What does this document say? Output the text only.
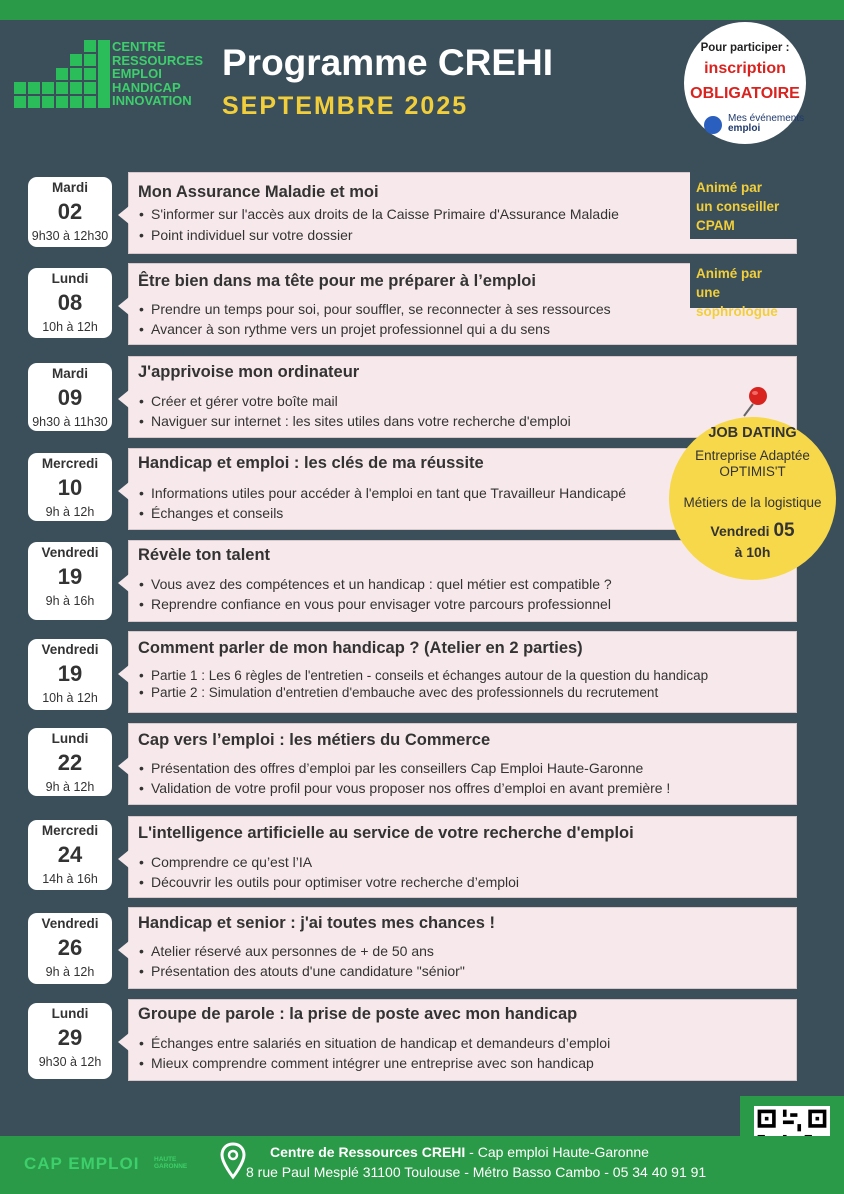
CENTRE
RESSOURCES
EMPLOI
HANDICAP
INNOVATION
Programme CREHI
SEPTEMBRE 2025
Pour participer :
inscription
OBLIGATOIRE
Mes événements
emploi
Mon Assurance Maladie et moi
• S'informer sur l'accès aux droits de la Caisse Primaire d'Assurance Maladie
• Point individuel sur votre dossier
Mardi
02
9h30 à 12h30
Être bien dans ma tête pour me préparer à l’emploi
• Prendre un temps pour soi, pour souffler, se reconnecter à ses ressources
• Avancer à son rythme vers un projet professionnel qui a du sens
Lundi
08
10h à 12h
J'apprivoise mon ordinateur
• Créer et gérer votre boîte mail
• Naviguer sur internet : les sites utiles dans votre recherche d'emploi
Mardi
09
9h30 à 11h30
Handicap et emploi : les clés de ma réussite
• Informations utiles pour accéder à l'emploi en tant que Travailleur Handicapé
• Échanges et conseils
Mercredi
10
9h à 12h
Révèle ton talent
• Vous avez des compétences et un handicap : quel métier est compatible ?
• Reprendre confiance en vous pour envisager votre parcours professionnel
Vendredi
19
9h à 16h
Comment parler de mon handicap ? (Atelier en 2 parties)
• Partie 1 : Les 6 règles de l'entretien - conseils et échanges autour de la question du handicap
• Partie 2 : Simulation d'entretien d'embauche avec des professionnels du recrutement
Vendredi
19
10h à 12h
Cap vers l’emploi : les métiers du Commerce
• Présentation des offres d’emploi par les conseillers Cap Emploi Haute-Garonne
• Validation de votre profil pour vous proposer nos offres d’emploi en avant première !
Lundi
22
9h à 12h
L'intelligence artificielle au service de votre recherche d'emploi
• Comprendre ce qu’est l’IA
• Découvrir les outils pour optimiser votre recherche d’emploi
Mercredi
24
14h à 16h
Handicap et senior : j'ai toutes mes chances !
• Atelier réservé aux personnes de + de 50 ans
• Présentation des atouts d'une candidature "sénior"
Vendredi
26
9h à 12h
Groupe de parole : la prise de poste avec mon handicap
• Échanges entre salariés en situation de handicap et demandeurs d’emploi
• Mieux comprendre comment intégrer une entreprise avec son handicap
Lundi
29
9h30 à 12h
Animé par
un conseiller CPAM
Animé par
une sophrologue
JOB DATING
Entreprise Adaptée
OPTIMIS'T
Métiers de la logistique
Vendredi 05
à 10h
CAP EMPLOI HAUTE
GARONNE
Centre de Ressources CREHI - Cap emploi Haute-Garonne
8 rue Paul Mesplé 31100 Toulouse - Métro Basso Cambo - 05 34 40 91 91
